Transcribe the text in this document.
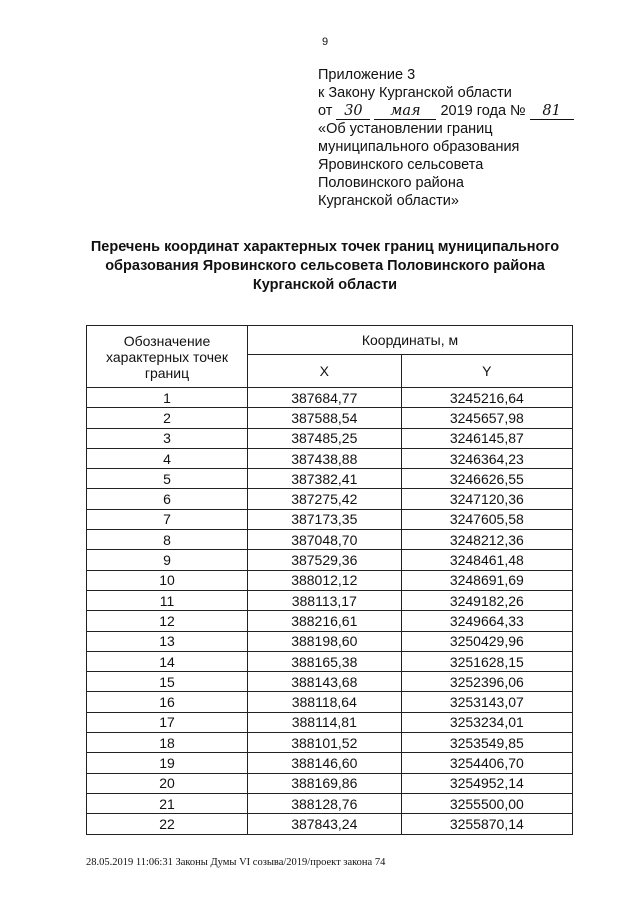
9
Приложение 3
к Закону Курганской области
от 30 мая 2019 года № 81
«Об установлении границ
муниципального образования
Яровинского сельсовета
Половинского района
Курганской области»
Перечень координат характерных точек границ муниципального образования Яровинского сельсовета Половинского района Курганской области
Обозначение характерных точек границ	Координаты, м	
	X	Y
1	387684,77	3245216,64
2	387588,54	3245657,98
3	387485,25	3246145,87
4	387438,88	3246364,23
5	387382,41	3246626,55
6	387275,42	3247120,36
7	387173,35	3247605,58
8	387048,70	3248212,36
9	387529,36	3248461,48
10	388012,12	3248691,69
11	388113,17	3249182,26
12	388216,61	3249664,33
13	388198,60	3250429,96
14	388165,38	3251628,15
15	388143,68	3252396,06
16	388118,64	3253143,07
17	388114,81	3253234,01
18	388101,52	3253549,85
19	388146,60	3254406,70
20	388169,86	3254952,14
21	388128,76	3255500,00
22	387843,24	3255870,14
28.05.2019 11:06:31 Законы Думы VI созыва/2019/проект закона 74
